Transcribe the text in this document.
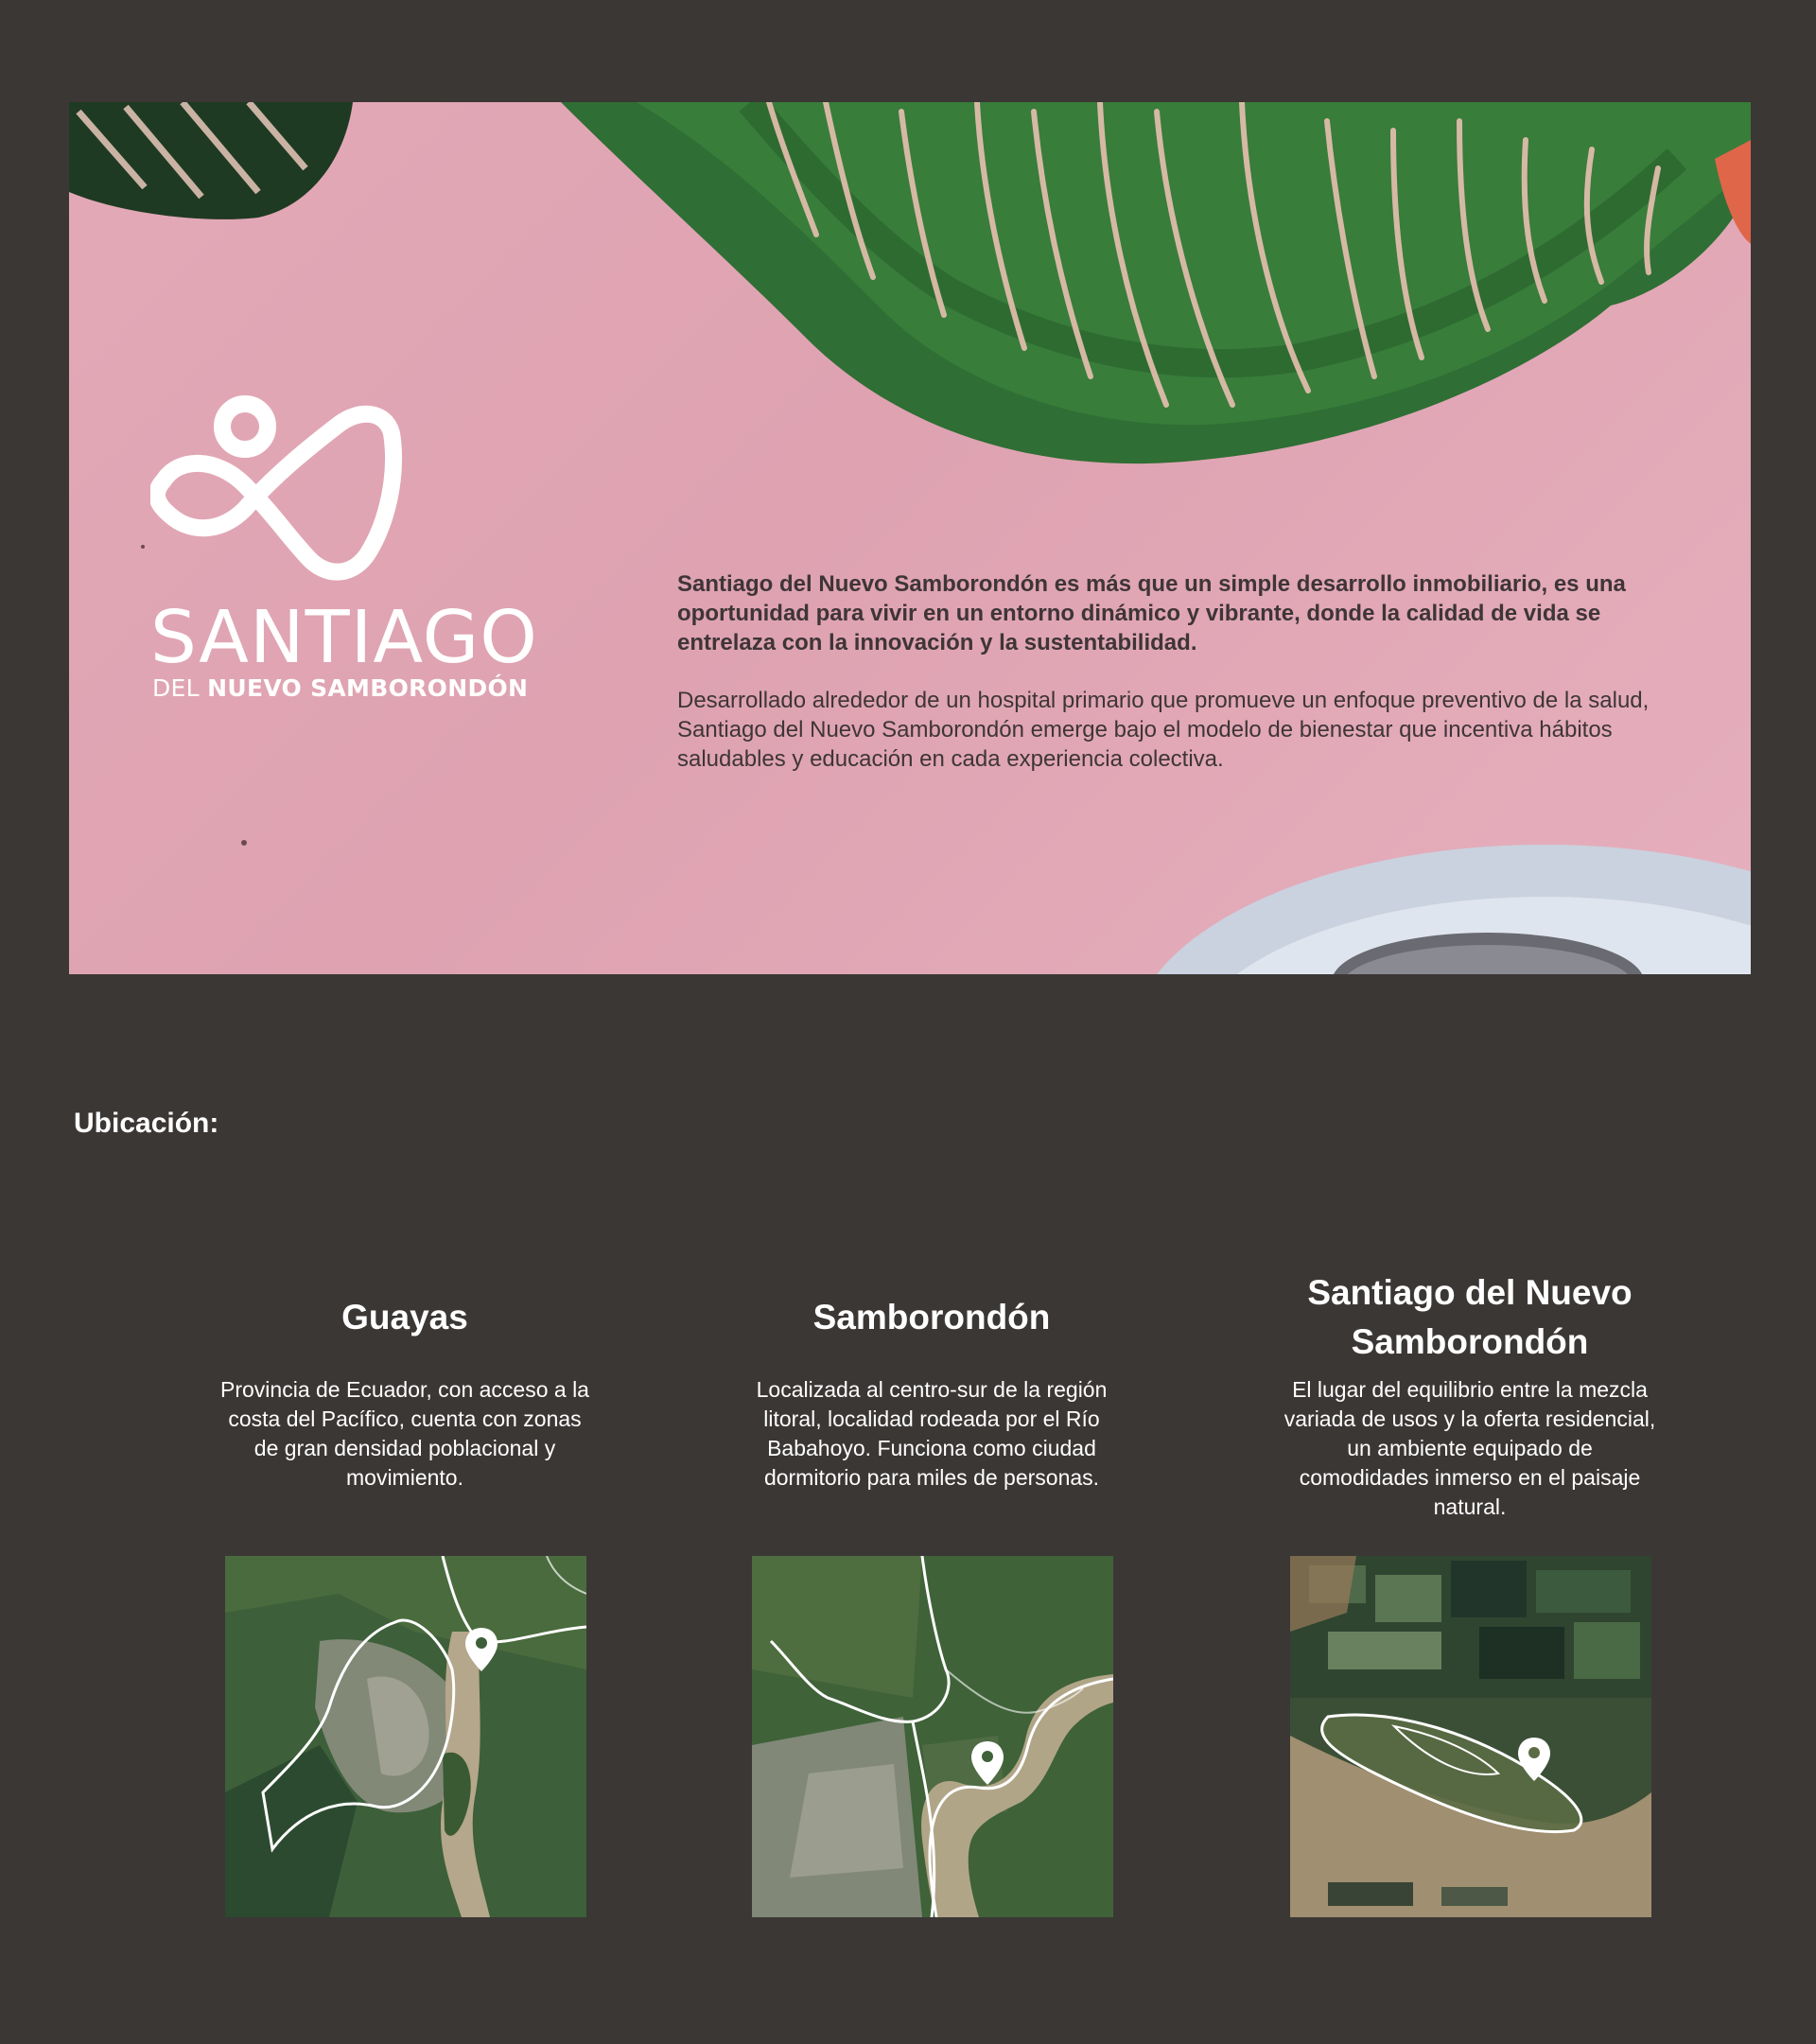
SANTIAGO
DEL NUEVO SAMBORONDÓN

Santiago del Nuevo Samborondón es más que un simple desarrollo inmobiliario, es una oportunidad para vivir en un entorno dinámico y vibrante, donde la calidad de vida se entrelaza con la innovación y la sustentabilidad.

Desarrollado alrededor de un hospital primario que promueve un enfoque preventivo de la salud, Santiago del Nuevo Samborondón emerge bajo el modelo de bienestar que incentiva hábitos saludables y educación en cada experiencia colectiva.

Ubicación:
Guayas

Provincia de Ecuador, con acceso a la costa del Pacífico, cuenta con zonas de gran densidad poblacional y movimiento.

Samborondón

Localizada al centro-sur de la región litoral, localidad rodeada por el Río Babahoyo. Funciona como ciudad dormitorio para miles de personas.

Santiago del Nuevo Samborondón

El lugar del equilibrio entre la mezcla variada de usos y la oferta residencial, un ambiente equipado de comodidades inmerso en el paisaje natural.
